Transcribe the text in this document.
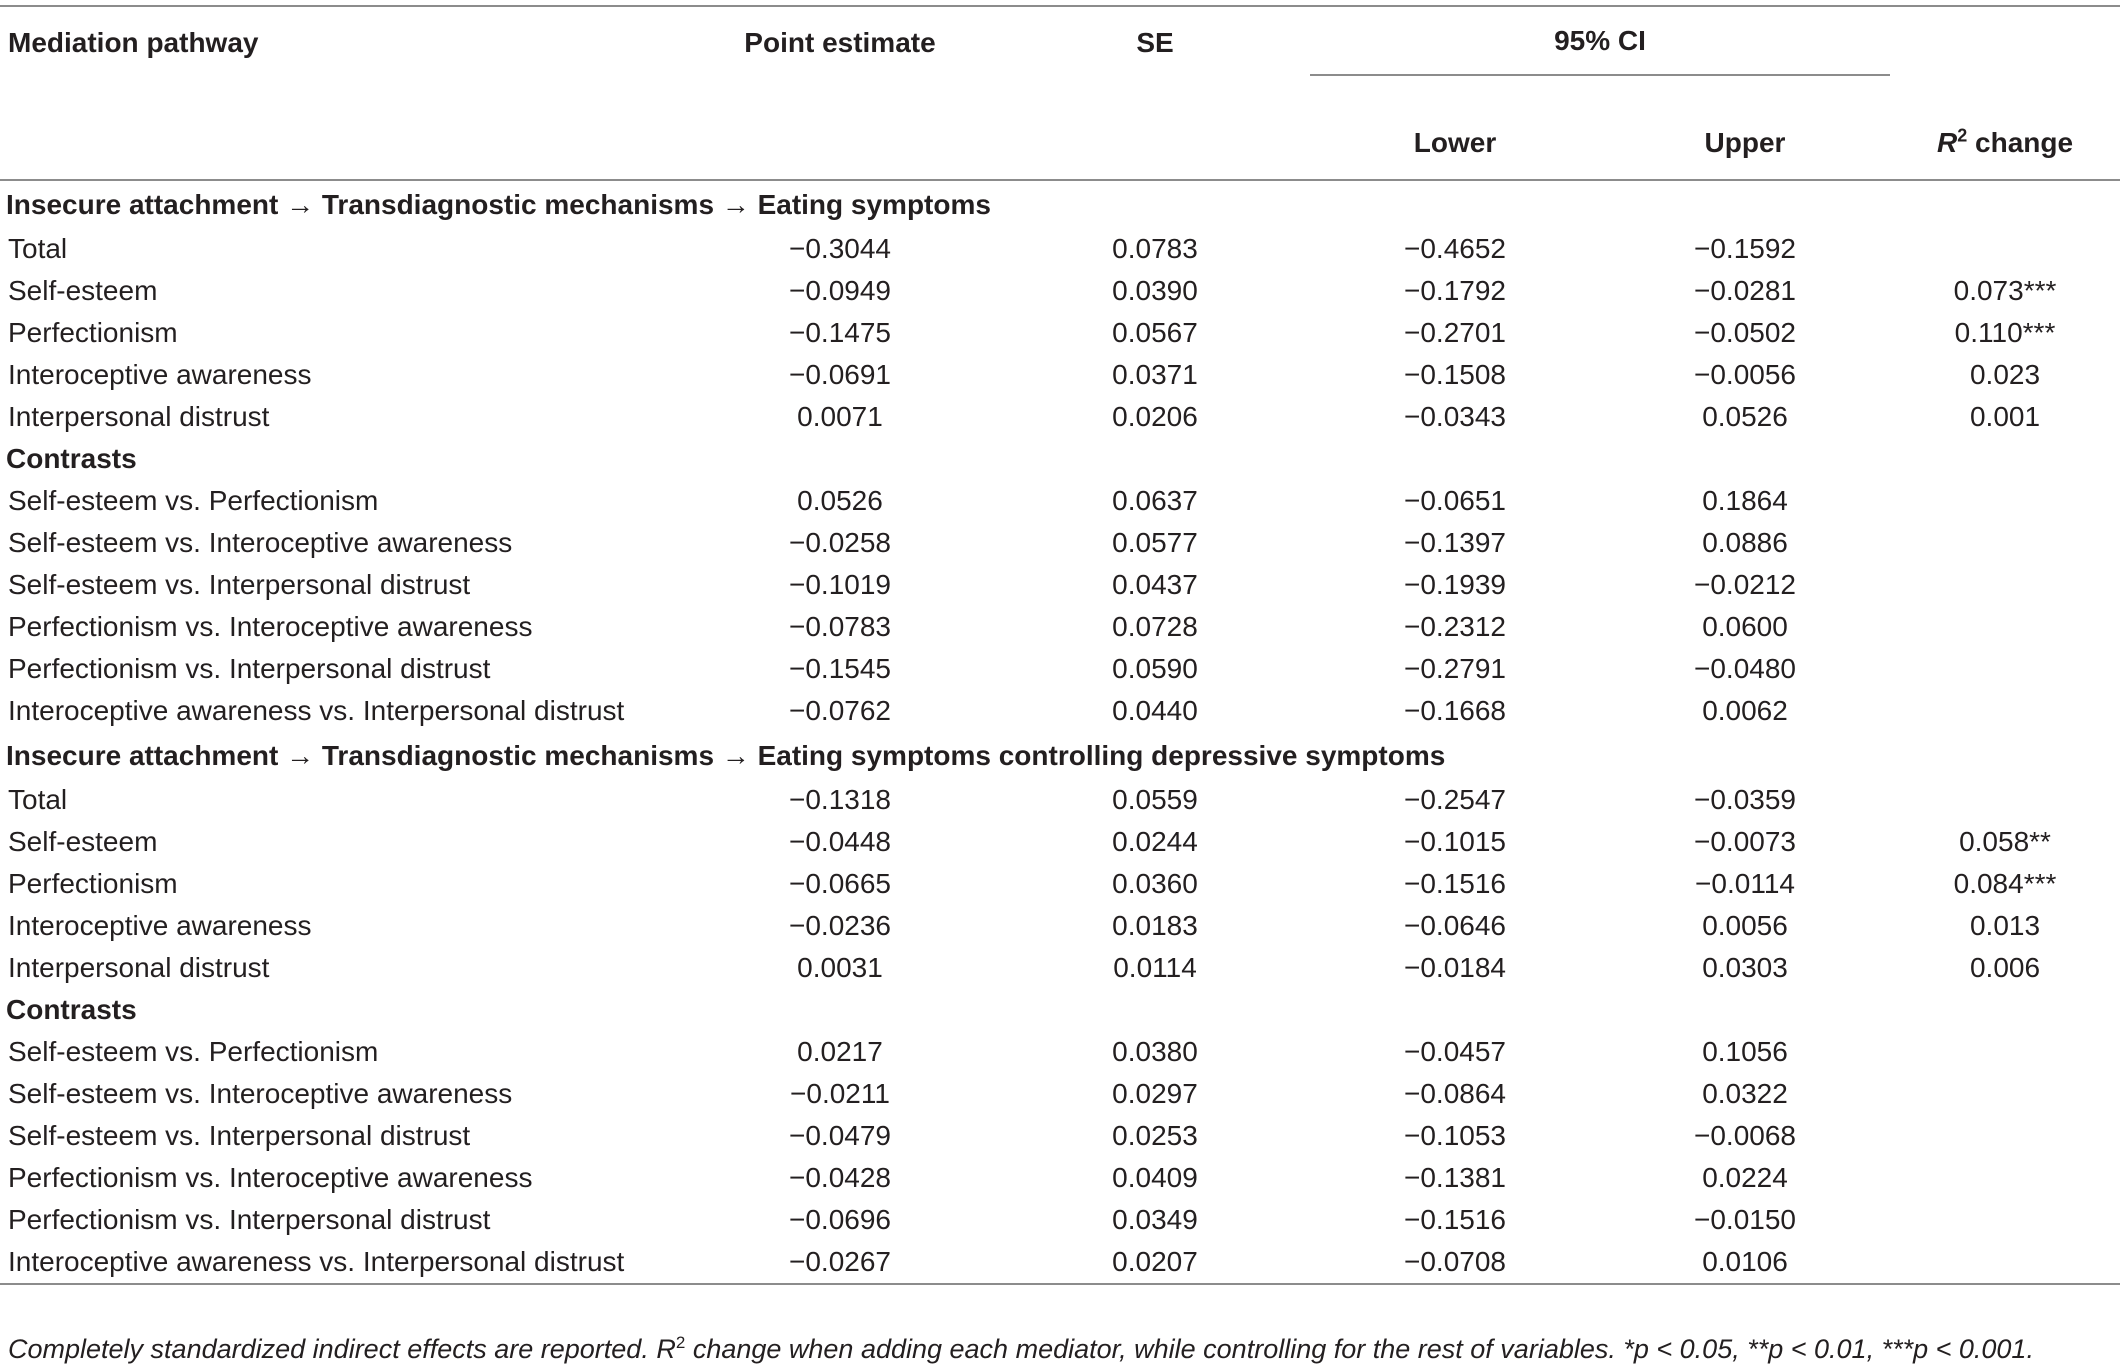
Mediation pathway	Point estimate	SE	95% CI		$R^2$ change
			Lower	Upper	
Insecure attachment → Transdiagnostic mechanisms → Eating symptoms					
Total	−0.3044	0.0783	−0.4652	−0.1592	
Self-esteem	−0.0949	0.0390	−0.1792	−0.0281	0.073***
Perfectionism	−0.1475	0.0567	−0.2701	−0.0502	0.110***
Interoceptive awareness	−0.0691	0.0371	−0.1508	−0.0056	0.023
Interpersonal distrust	0.0071	0.0206	−0.0343	0.0526	0.001
Contrasts					
Self-esteem vs. Perfectionism	0.0526	0.0637	−0.0651	0.1864	
Self-esteem vs. Interoceptive awareness	−0.0258	0.0577	−0.1397	0.0886	
Self-esteem vs. Interpersonal distrust	−0.1019	0.0437	−0.1939	−0.0212	
Perfectionism vs. Interoceptive awareness	−0.0783	0.0728	−0.2312	0.0600	
Perfectionism vs. Interpersonal distrust	−0.1545	0.0590	−0.2791	−0.0480	
Interoceptive awareness vs. Interpersonal distrust	−0.0762	0.0440	−0.1668	0.0062	
Insecure attachment → Transdiagnostic mechanisms → Eating symptoms controlling depressive symptoms					
Total	−0.1318	0.0559	−0.2547	−0.0359	
Self-esteem	−0.0448	0.0244	−0.1015	−0.0073	0.058**
Perfectionism	−0.0665	0.0360	−0.1516	−0.0114	0.084***
Interoceptive awareness	−0.0236	0.0183	−0.0646	0.0056	0.013
Interpersonal distrust	0.0031	0.0114	−0.0184	0.0303	0.006
Contrasts					
Self-esteem vs. Perfectionism	0.0217	0.0380	−0.0457	0.1056	
Self-esteem vs. Interoceptive awareness	−0.0211	0.0297	−0.0864	0.0322	
Self-esteem vs. Interpersonal distrust	−0.0479	0.0253	−0.1053	−0.0068	
Perfectionism vs. Interoceptive awareness	−0.0428	0.0409	−0.1381	0.0224	
Perfectionism vs. Interpersonal distrust	−0.0696	0.0349	−0.1516	−0.0150	
Interoceptive awareness vs. Interpersonal distrust	−0.0267	0.0207	−0.0708	0.0106	
Completely standardized indirect effects are reported. $R^2$ change when adding each mediator, while controlling for the rest of variables. *p < 0.05, **p < 0.01, ***p < 0.001.
